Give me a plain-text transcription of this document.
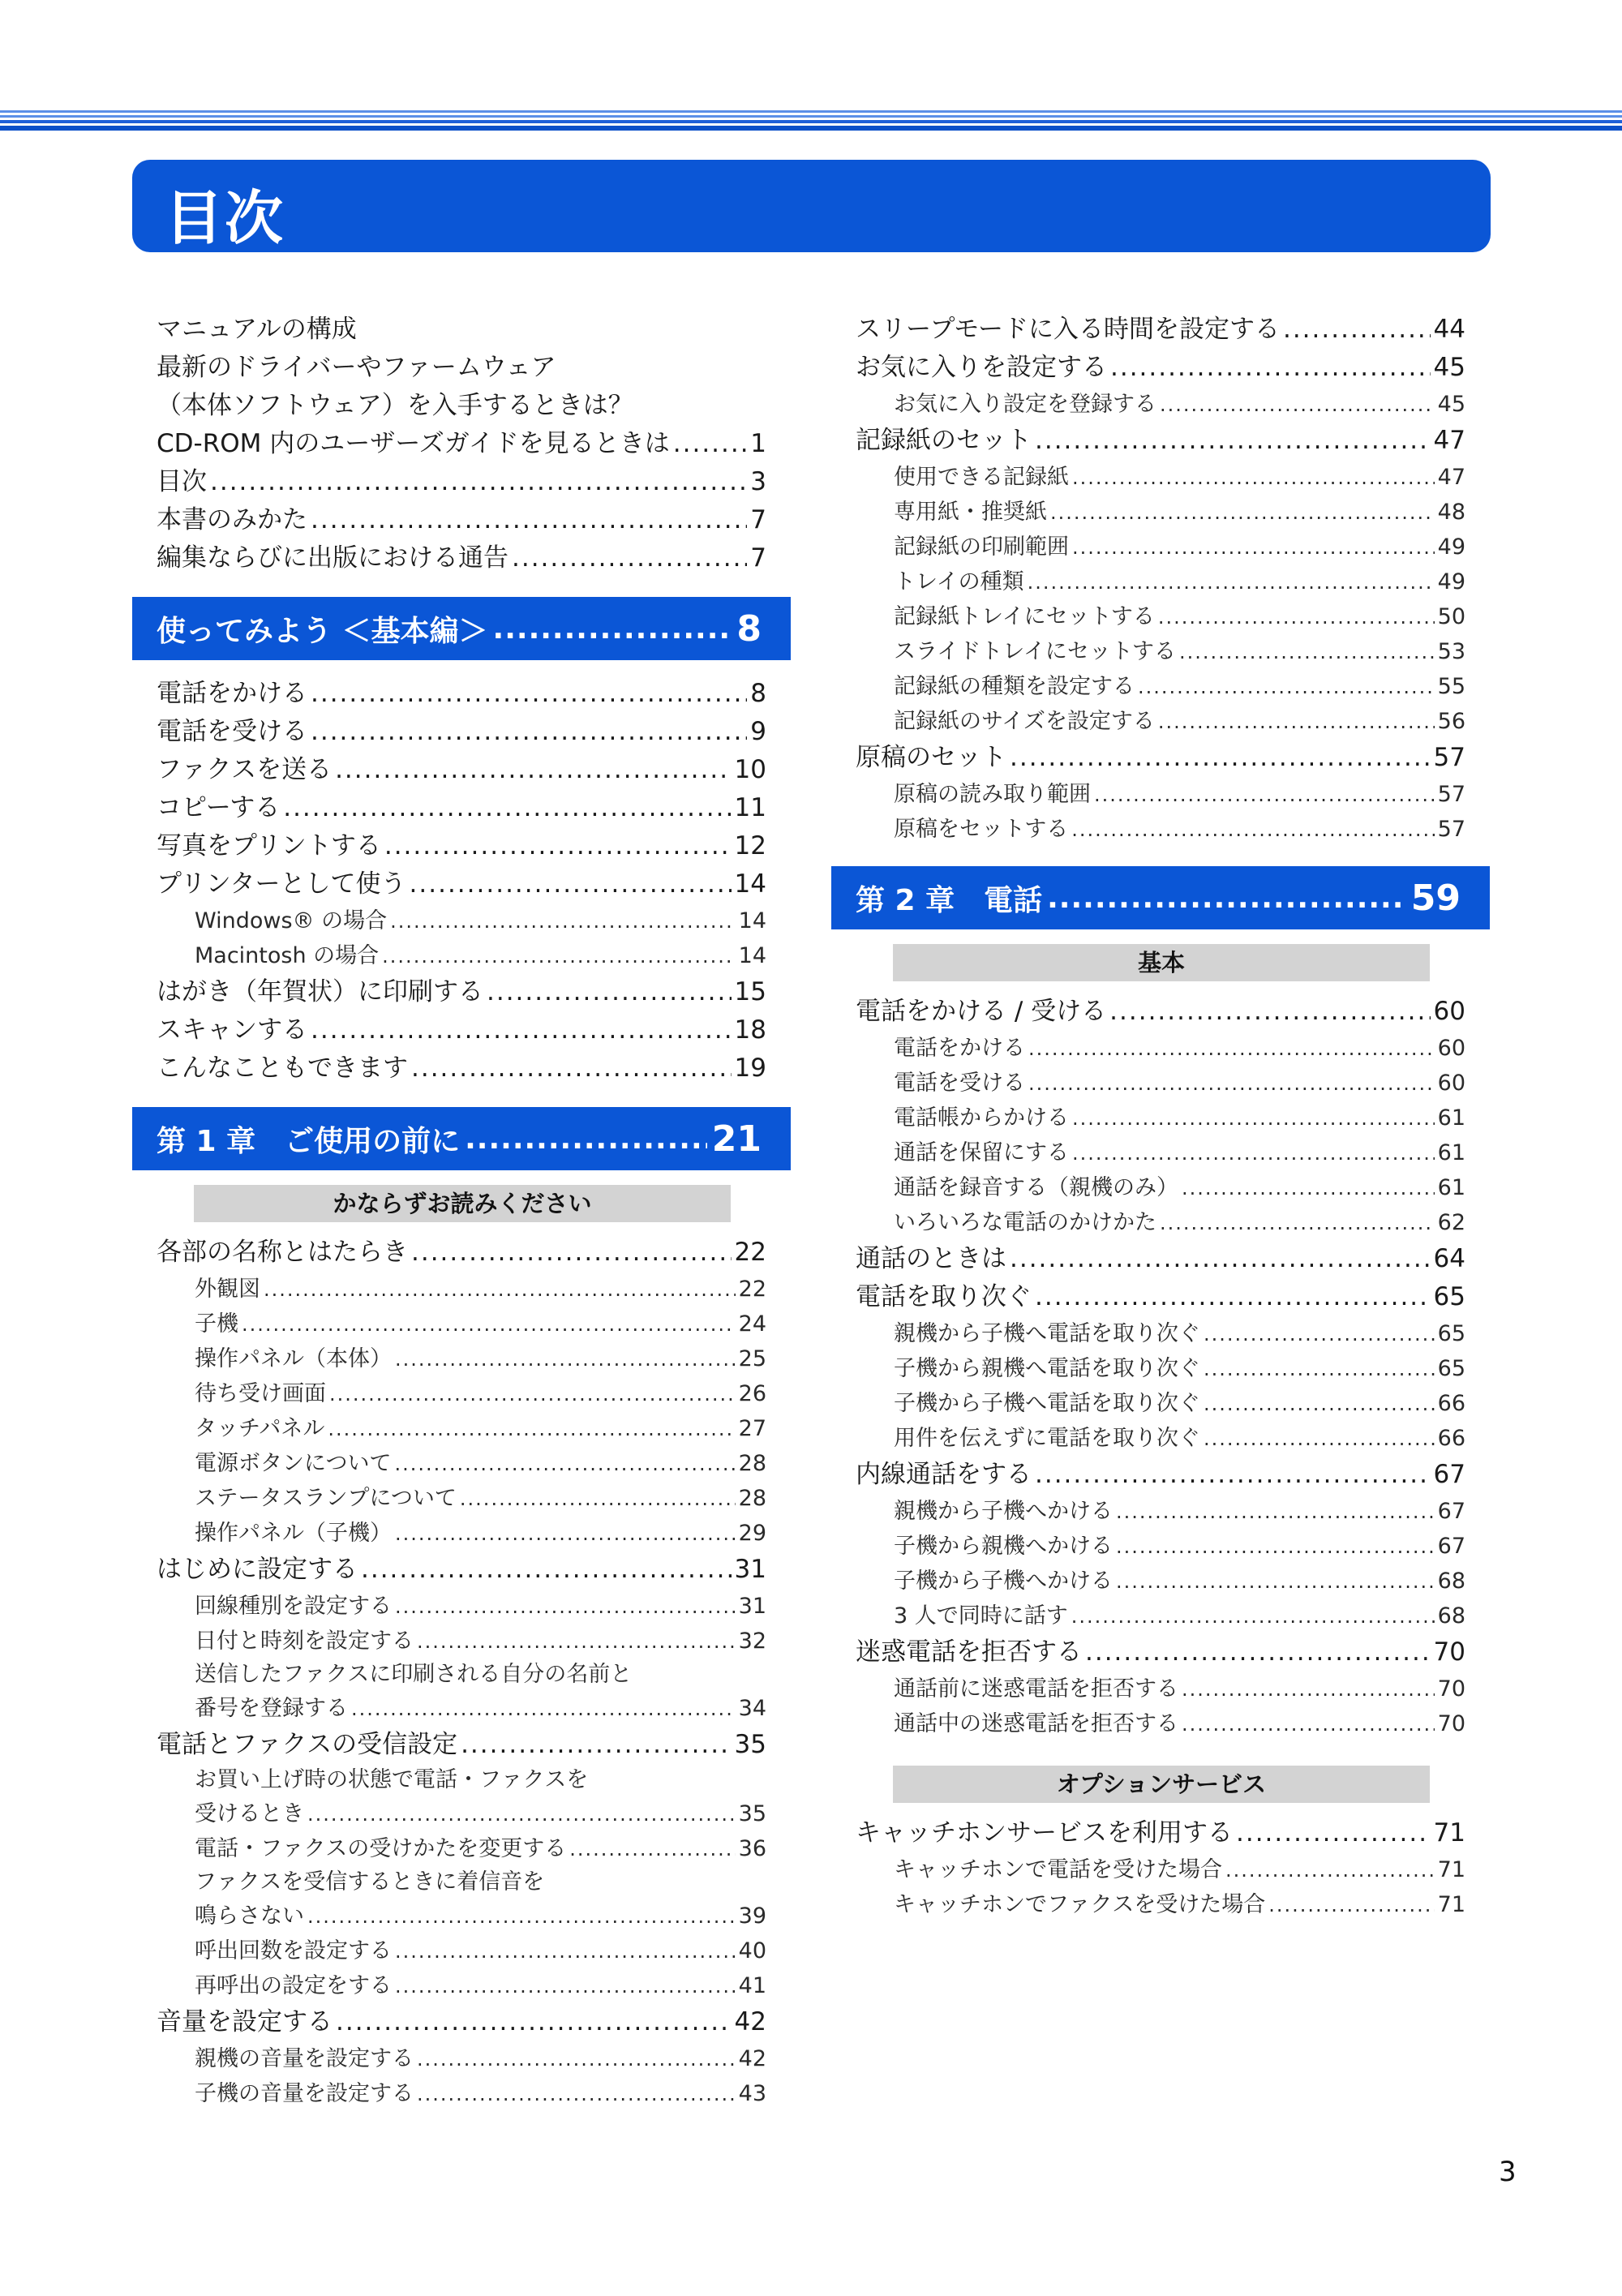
目次
マニュアルの構成
最新のドライバーやファームウェア
（本体ソフトウェア）を入手するときは？
CD-ROM 内のユーザーズガイドを見るときは .....	1
目次 .....	3
本書のみかた .....	7
編集ならびに出版における通告 .....	7
使ってみよう ＜基本編＞ .....	8
電話をかける .....	8
電話を受ける .....	9
ファクスを送る .....	10
コピーする .....	11
写真をプリントする .....	12
プリンターとして使う .....	14
Windows® の場合 .....	14
Macintosh の場合 .....	14
はがき（年賀状）に印刷する .....	15
スキャンする .....	18
こんなこともできます .....	19
第 1 章　ご使用の前に .....	21
かならずお読みください
各部の名称とはたらき .....	22
外観図 .....	22
子機 .....	24
操作パネル（本体） .....	25
待ち受け画面 .....	26
タッチパネル .....	27
電源ボタンについて .....	28
ステータスランプについて .....	28
操作パネル（子機） .....	29
はじめに設定する .....	31
回線種別を設定する .....	31
日付と時刻を設定する .....	32
送信したファクスに印刷される自分の名前と
番号を登録する .....	34
電話とファクスの受信設定 .....	35
お買い上げ時の状態で電話・ファクスを
受けるとき .....	35
電話・ファクスの受けかたを変更する .....	36
ファクスを受信するときに着信音を
鳴らさない .....	39
呼出回数を設定する .....	40
再呼出の設定をする .....	41
音量を設定する .....	42
親機の音量を設定する .....	42
子機の音量を設定する .....	43
スリープモードに入る時間を設定する .....	44
お気に入りを設定する .....	45
お気に入り設定を登録する .....	45
記録紙のセット .....	47
使用できる記録紙 .....	47
専用紙・推奨紙 .....	48
記録紙の印刷範囲 .....	49
トレイの種類 .....	49
記録紙トレイにセットする .....	50
スライドトレイにセットする .....	53
記録紙の種類を設定する .....	55
記録紙のサイズを設定する .....	56
原稿のセット .....	57
原稿の読み取り範囲 .....	57
原稿をセットする .....	57
第 2 章　電話 .....	59
基本
電話をかける / 受ける .....	60
電話をかける .....	60
電話を受ける .....	60
電話帳からかける .....	61
通話を保留にする .....	61
通話を録音する（親機のみ） .....	61
いろいろな電話のかけかた .....	62
通話のときは .....	64
電話を取り次ぐ .....	65
親機から子機へ電話を取り次ぐ .....	65
子機から親機へ電話を取り次ぐ .....	65
子機から子機へ電話を取り次ぐ .....	66
用件を伝えずに電話を取り次ぐ .....	66
内線通話をする .....	67
親機から子機へかける .....	67
子機から親機へかける .....	67
子機から子機へかける .....	68
3 人で同時に話す .....	68
迷惑電話を拒否する .....	70
通話前に迷惑電話を拒否する .....	70
通話中の迷惑電話を拒否する .....	70
オプションサービス
キャッチホンサービスを利用する .....	71
キャッチホンで電話を受けた場合 .....	71
キャッチホンでファクスを受けた場合 .....	71
3
